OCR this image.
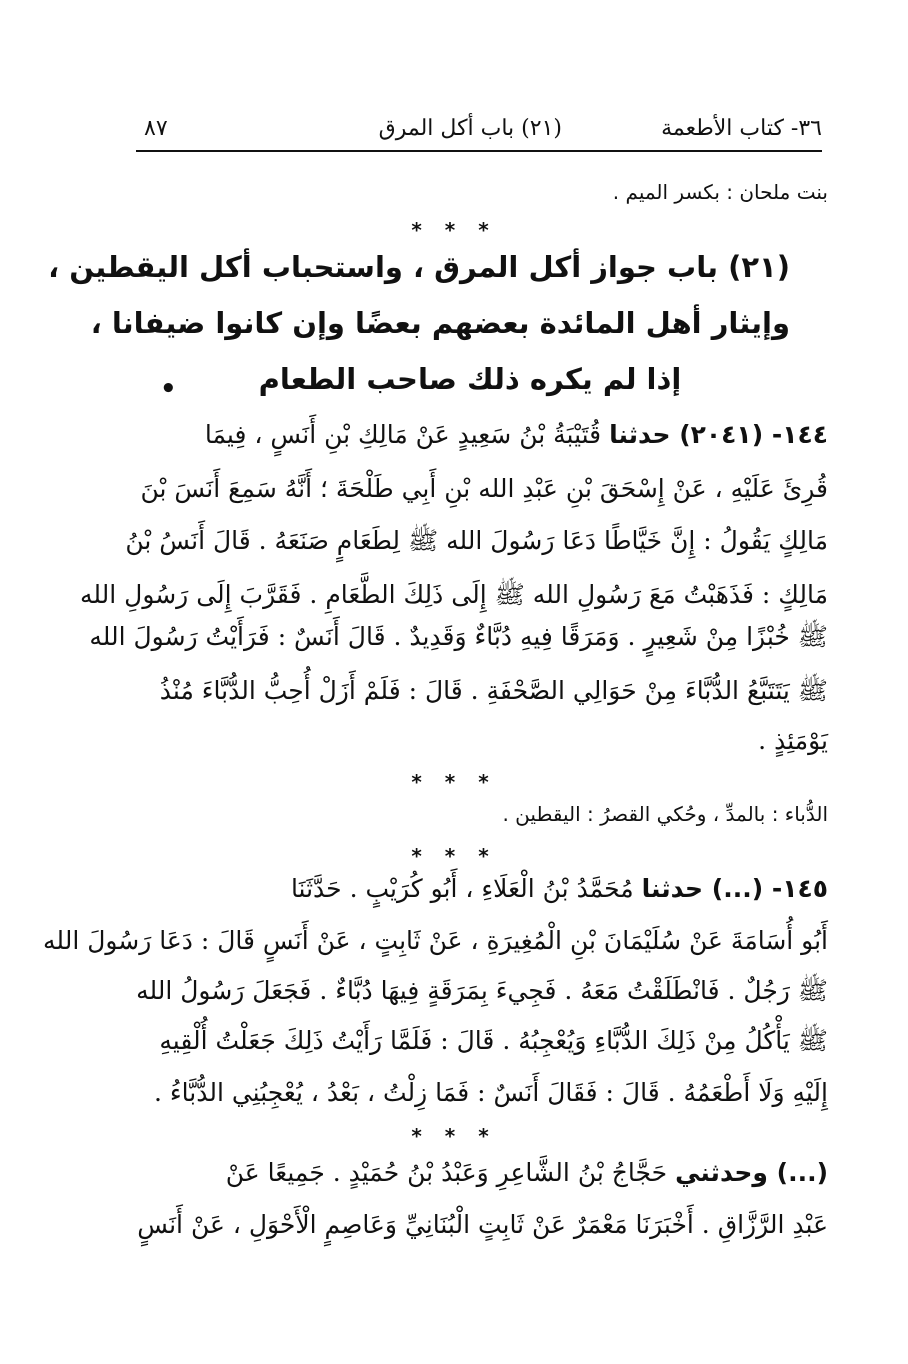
٣٦- كتاب الأطعمة
(٢١) باب أكل المرق
٨٧
بنت ملحان : بكسر الميم .
* * *
(٢١) باب جواز أكل المرق ، واستحباب أكل اليقطين ،
وإيثار أهل المائدة بعضهم بعضًا وإن كانوا ضيفانا ،
إذا لم يكره ذلك صاحب الطعام
•
١٤٤- (٢٠٤١) حدثنا قُتَيْبَةُ بْنُ سَعِيدٍ عَنْ مَالِكِ بْنِ أَنَسٍ ، فِيمَا
قُرِئَ عَلَيْهِ ، عَنْ إِسْحَقَ بْنِ عَبْدِ الله بْنِ أَبِي طَلْحَةَ ؛ أَنَّهُ سَمِعَ أَنَسَ بْنَ
مَالِكٍ يَقُولُ : إِنَّ خَيَّاطًا دَعَا رَسُولَ الله ﷺ لِطَعَامٍ صَنَعَهُ . قَالَ أَنَسُ بْنُ
مَالِكٍ : فَذَهَبْتُ مَعَ رَسُولِ الله ﷺ إِلَى ذَلِكَ الطَّعَامِ . فَقَرَّبَ إِلَى رَسُولِ الله
ﷺ خُبْزًا مِنْ شَعِيرٍ . وَمَرَقًا فِيهِ دُبَّاءٌ وَقَدِيدٌ . قَالَ أَنَسٌ : فَرَأَيْتُ رَسُولَ الله
ﷺ يَتَتَبَّعُ الدُّبَّاءَ مِنْ حَوَالِي الصَّحْفَةِ . قَالَ : فَلَمْ أَزَلْ أُحِبُّ الدُّبَّاءَ مُنْذُ
يَوْمَئِذٍ .
* * *
الدُّباء : بالمدِّ ، وحُكي القصرُ : اليقطين .
* * *
١٤٥- (...) حدثنا مُحَمَّدُ بْنُ الْعَلَاءِ ، أَبُو كُرَيْبٍ . حَدَّثَنَا
أَبُو أُسَامَةَ عَنْ سُلَيْمَانَ بْنِ الْمُغِيرَةِ ، عَنْ ثَابِتٍ ، عَنْ أَنَسٍ قَالَ : دَعَا رَسُولَ الله
ﷺ رَجُلٌ . فَانْطَلَقْتُ مَعَهُ . فَجِيءَ بِمَرَقَةٍ فِيهَا دُبَّاءٌ . فَجَعَلَ رَسُولُ الله
ﷺ يَأْكُلُ مِنْ ذَلِكَ الدُّبَّاءِ وَيُعْجِبُهُ . قَالَ : فَلَمَّا رَأَيْتُ ذَلِكَ جَعَلْتُ أُلْقِيهِ
إِلَيْهِ وَلَا أَطْعَمُهُ . قَالَ : فَقَالَ أَنَسٌ : فَمَا زِلْتُ ، بَعْدُ ، يُعْجِبُنِي الدُّبَّاءُ .
* * *
(...) وحدثني حَجَّاجُ بْنُ الشَّاعِرِ وَعَبْدُ بْنُ حُمَيْدٍ . جَمِيعًا عَنْ
عَبْدِ الرَّزَّاقِ . أَخْبَرَنَا مَعْمَرٌ عَنْ ثَابِتٍ الْبُنَانِيِّ وَعَاصِمٍ الْأَحْوَلِ ، عَنْ أَنَسٍ
